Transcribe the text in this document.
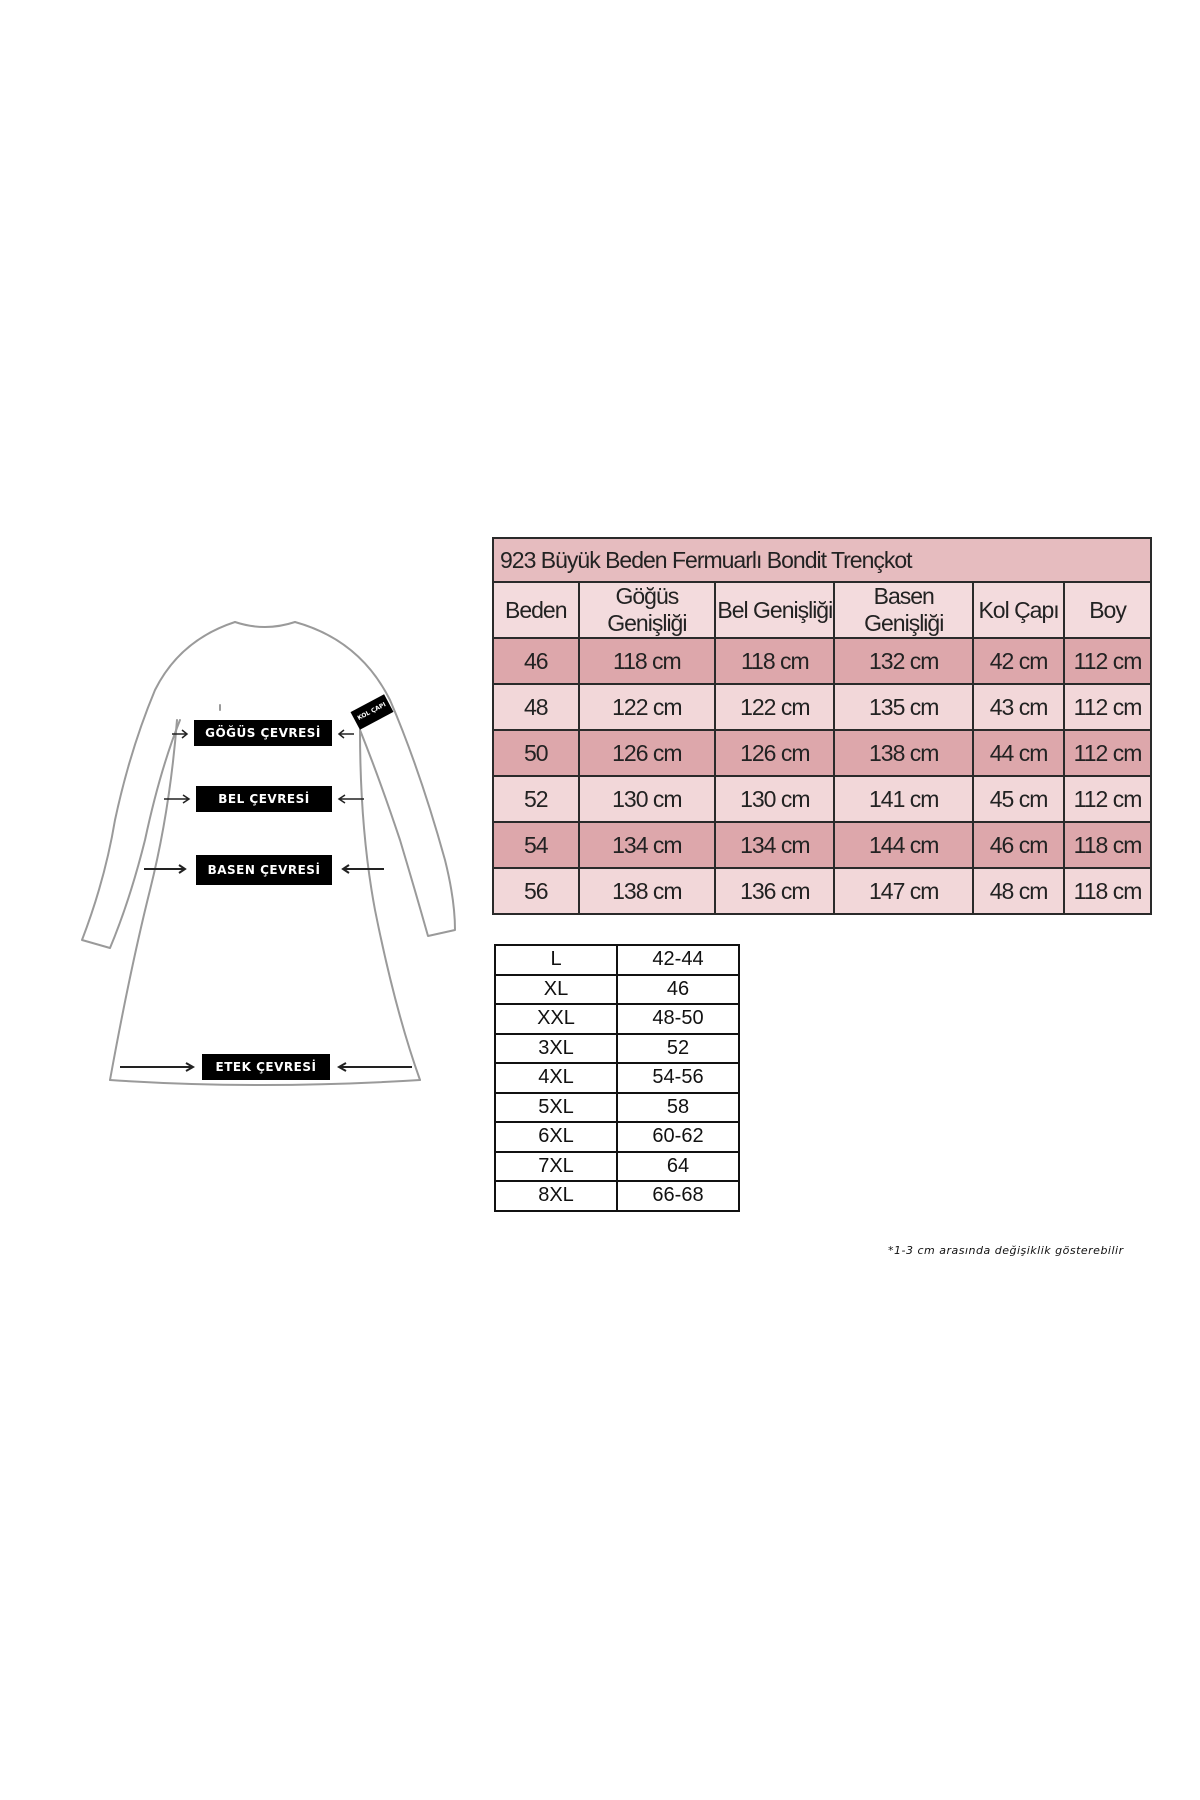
KOL ÇAPI
GÖĞÜS ÇEVRESİ
BEL ÇEVRESİ
BASEN ÇEVRESİ
ETEK ÇEVRESİ
923 Büyük Beden Fermuarlı Bondit Trençkot					
Beden	Göğüs Genişliği	Bel Genişliği	Basen Genişliği	Kol Çapı	Boy
46	118 cm	118 cm	132 cm	42 cm	112 cm
48	122 cm	122 cm	135 cm	43 cm	112 cm
50	126 cm	126 cm	138 cm	44 cm	112 cm
52	130 cm	130 cm	141 cm	45 cm	112 cm
54	134 cm	134 cm	144 cm	46 cm	118 cm
56	138 cm	136 cm	147 cm	48 cm	118 cm
L	42-44
XL	46
XXL	48-50
3XL	52
4XL	54-56
5XL	58
6XL	60-62
7XL	64
8XL	66-68
*1-3 cm arasında değişiklik gösterebilir
